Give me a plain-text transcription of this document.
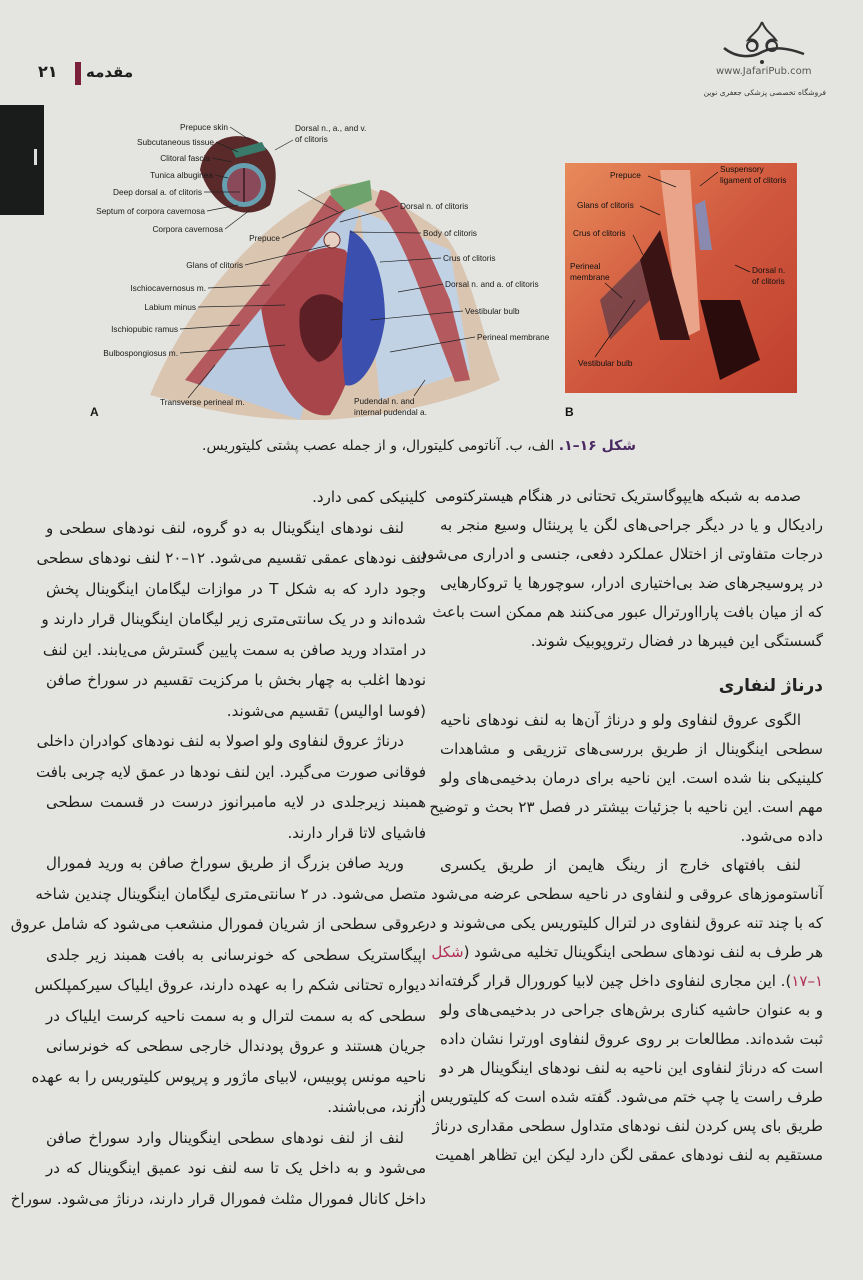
۲۱ مقدمه	www.JafariPub.com
فروشگاه تخصصی پزشکی جعفری نوین
Prepuce skin
Subcutaneous tissue
Clitoral fascia
Tunica albuginea
Deep dorsal a. of clitoris
Septum of corpora cavernosa
Corpora cavernosa
Prepuce
Glans of clitoris
Ischiocavernosus m.
Labium minus
Ischiopubic ramus
Bulbospongiosus m.
Transverse perineal m.	Pudendal n. and
internal pudendal a.
Dorsal n., a., and v.
of clitoris
Dorsal n. of clitoris
Body of clitoris
Crus of clitoris
Dorsal n. and a. of clitoris
Vestibular bulb
Perineal membrane
A
Prepuce
Suspensory
ligament of clitoris
Glans of clitoris
Crus of clitoris
Perineal
membrane
Dorsal n.
of clitoris
Vestibular bulb
B
شکل ۱۶–۱. الف، ب. آناتومی کلیتورال، و از جمله عصب پشتی کلیتوریس.
صدمه به شبکه هایپوگاستریک تحتانی در هنگام هیسترکتومی
رادیکال و یا در دیگر جراحی‌های لگن یا پرینئال وسیع منجر به
درجات متفاوتی از اختلال عملکرد دفعی، جنسی و ادراری می‌شود.
در پروسیجرهای ضد بی‌اختیاری ادرار، سوچورها یا تروکارهایی
که از میان بافت پارااورترال عبور می‌کنند هم ممکن است باعث
گسستگی این فیبرها در فضال رتروپوبیک شوند.
درناژ لنفاری
الگوی عروق لنفاوی ولو و درناژ آن‌ها به لنف نودهای ناحیه
سطحی اینگوینال از طریق بررسی‌های تزریقی و مشاهدات
کلینیکی بنا شده است. این ناحیه برای درمان بدخیمی‌های ولو
مهم است. این ناحیه با جزئیات بیشتر در فصل ۲۳ بحث و توضیح
داده می‌شود.
لنف بافتهای خارج از رینگ هایمن از طریق یکسری
آناستوموزهای عروقی و لنفاوی در ناحیه سطحی عرضه می‌شود
که با چند تنه عروق لنفاوی در لترال کلیتوریس یکی می‌شوند و در
هر طرف به لنف نودهای سطحی اینگوینال تخلیه می‌شود (شکل
۱–۱۷). این مجاری لنفاوی داخل چین لابیا کورورال قرار گرفته‌اند
و به عنوان حاشیه کناری برش‌های جراحی در بدخیمی‌های ولو
ثبت شده‌اند. مطالعات بر روی عروق لنفاوی اورترا نشان داده
است که درناژ لنفاوی این ناحیه به لنف نودهای اینگوینال هر دو
طرف راست یا چپ ختم می‌شود. گفته شده است که کلیتوریس از
طریق بای پس کردن لنف نودهای متداول سطحی مقداری درناژ
مستقیم به لنف نودهای عمقی لگن دارد لیکن این تظاهر اهمیت
کلینیکی کمی دارد.
لنف نودهای اینگوینال به دو گروه، لنف نودهای سطحی و
لنف نودهای عمقی تقسیم می‌شود. ۱۲–۲۰ لنف نودهای سطحی
وجود دارد که به شکل T در موازات لیگامان اینگوینال پخش
شده‌اند و در یک سانتی‌متری زیر لیگامان اینگوینال قرار دارند و
در امتداد ورید صافن به سمت پایین گسترش می‌یابند. این لنف
نودها اغلب به چهار بخش با مرکزیت تقسیم در سوراخ صافن
(فوسا اوالیس) تقسیم می‌شوند.
درناژ عروق لنفاوی ولو اصولا به لنف نودهای کوادران داخلی
فوقانی صورت می‌گیرد. این لنف نودها در عمق لایه چربی بافت
همبند زیرجلدی در لایه مامبرانوز درست در قسمت سطحی
فاشیای لاتا قرار دارند.
ورید صافن بزرگ از طریق سوراخ صافن به ورید فمورال
متصل می‌شود. در ۲ سانتی‌متری لیگامان اینگوینال چندین شاخه
عروقی سطحی از شریان فمورال منشعب می‌شود که شامل عروق
اپیگاستریک سطحی که خونرسانی به بافت همبند زیر جلدی
دیواره تحتانی شکم را به عهده دارند، عروق ایلیاک سیرکمپلکس
سطحی که به سمت لترال و به سمت ناحیه کرست ایلیاک در
جریان هستند و عروق پودندال خارجی سطحی که خونرسانی
ناحیه مونس پوبیس، لابیای ماژور و پرپوس کلیتوریس را به عهده
دارند، می‌باشند.
لنف از لنف نودهای سطحی اینگوینال وارد سوراخ صافن
می‌شود و به داخل یک تا سه لنف نود عمیق اینگوینال که در
داخل کانال فمورال مثلث فمورال قرار دارند، درناژ می‌شود. سوراخ
